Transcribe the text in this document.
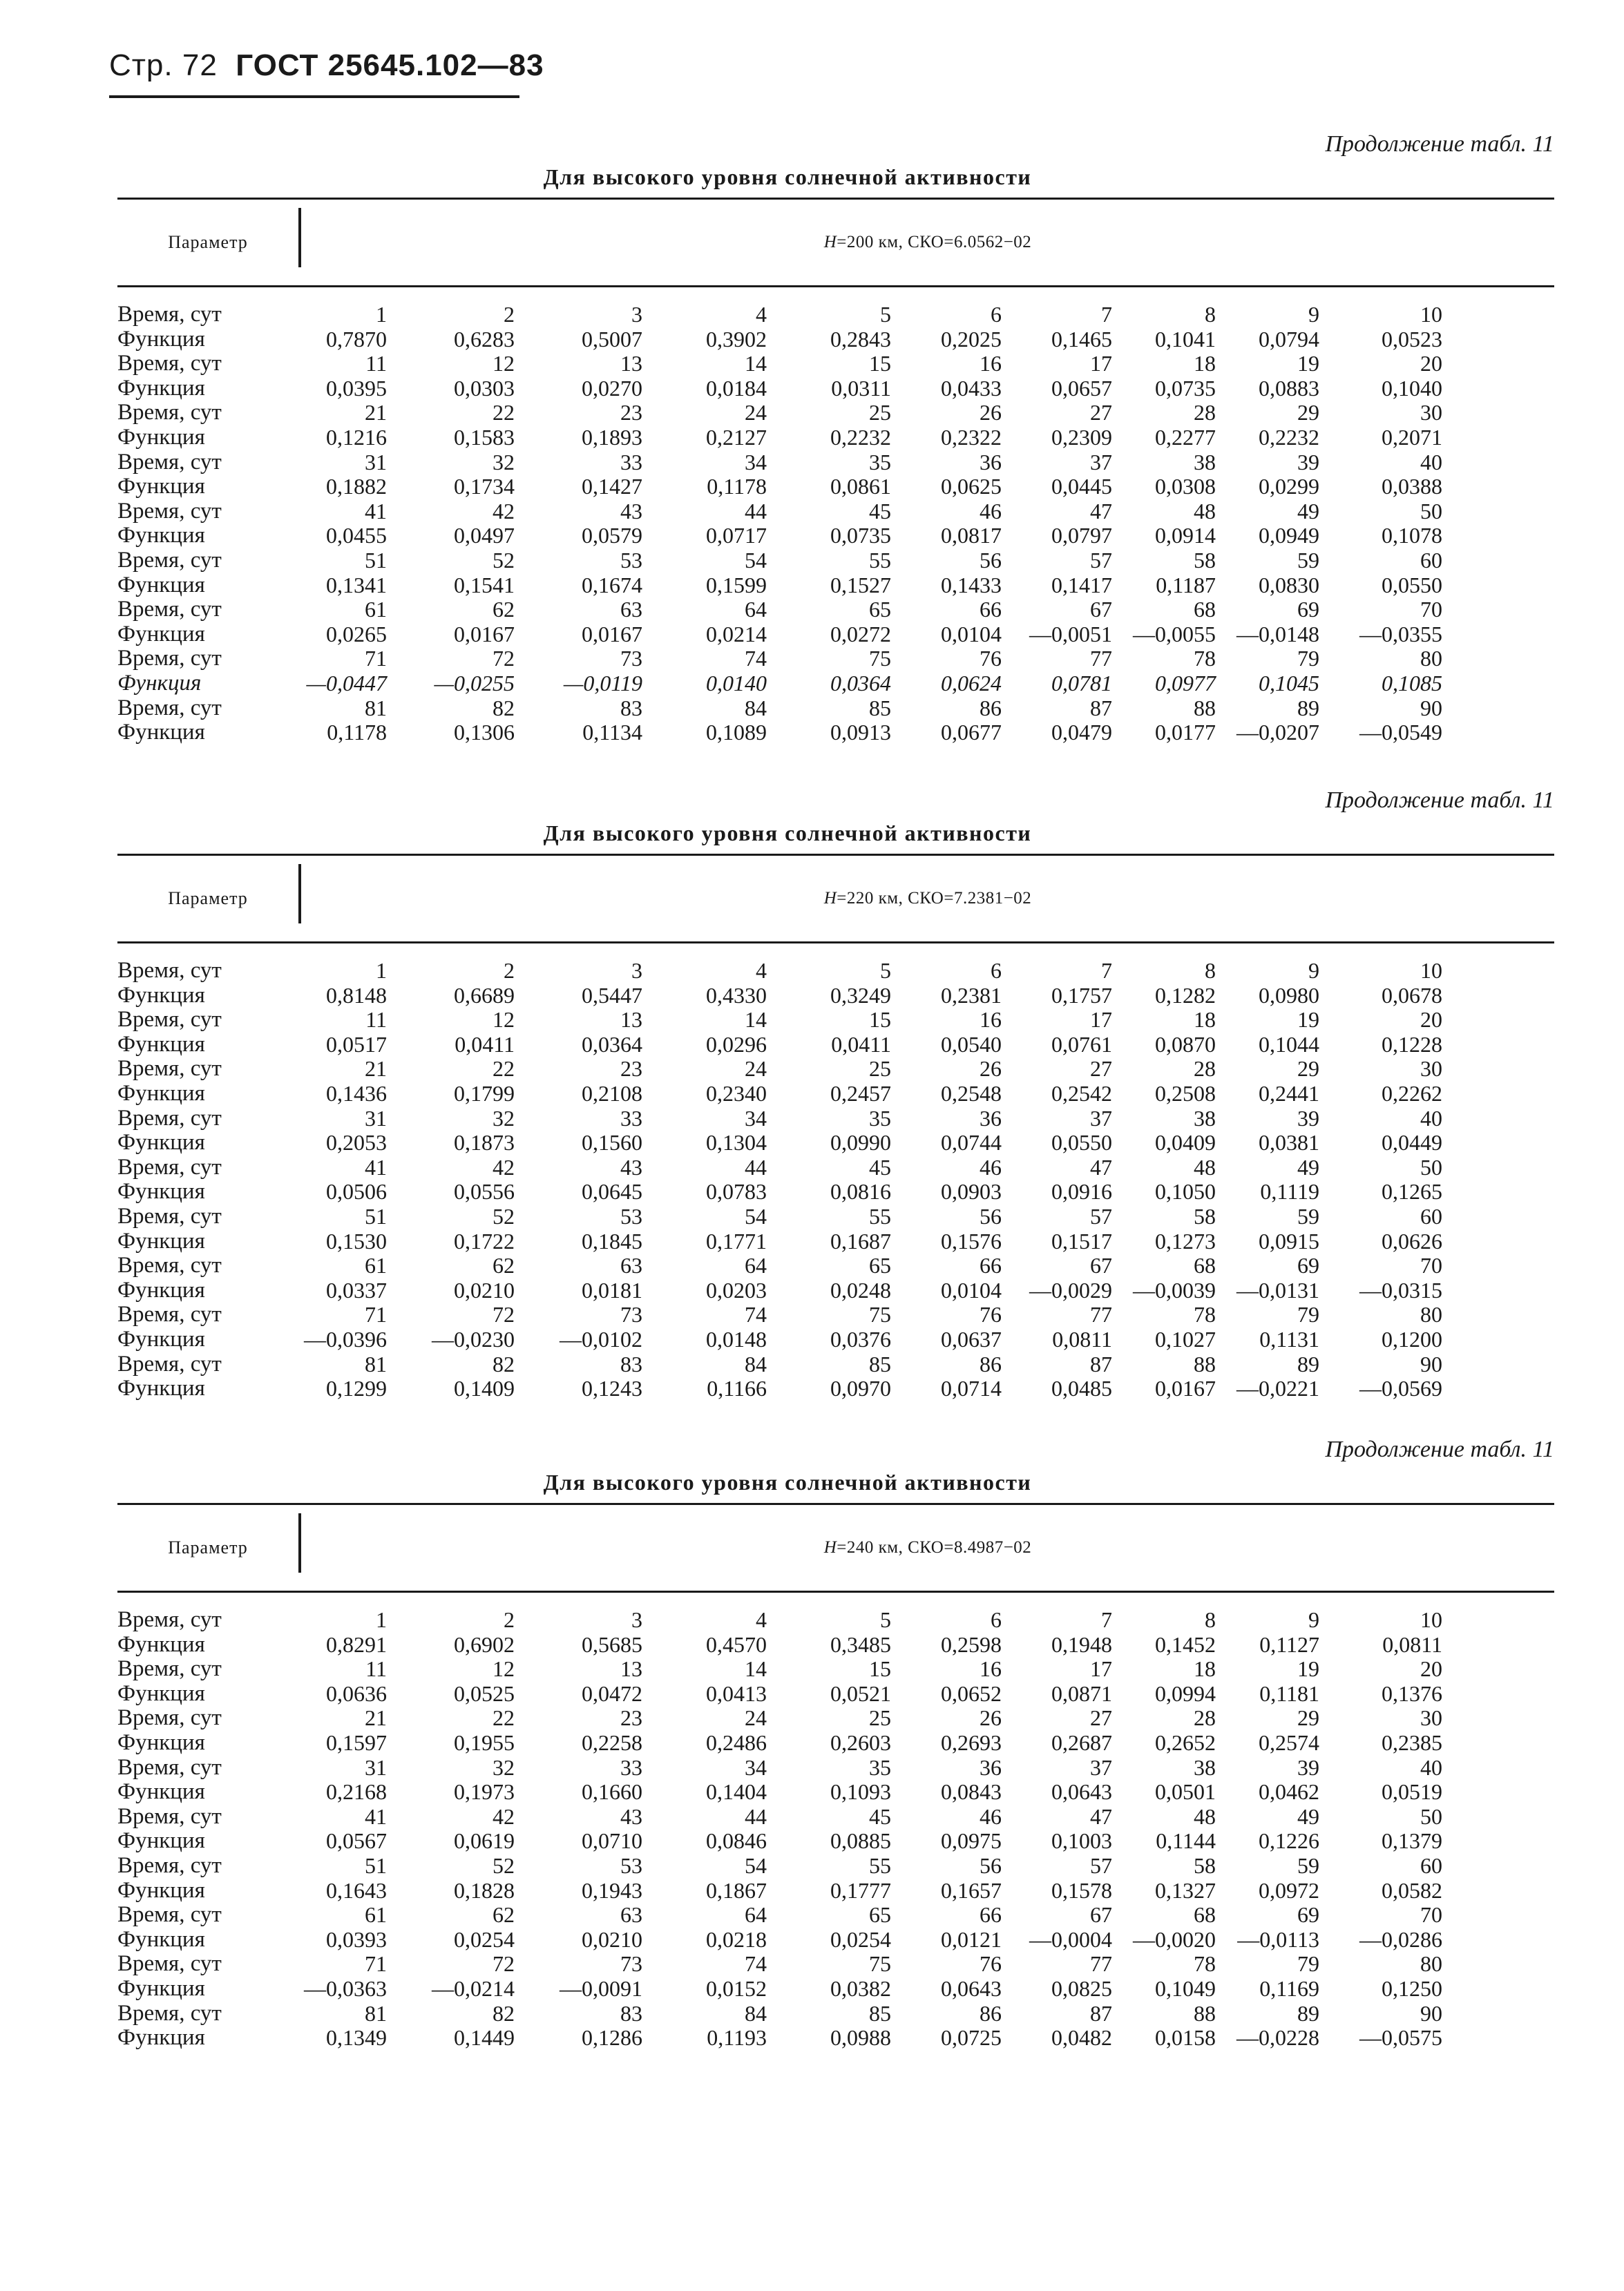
Стр. 72 ГОСТ 25645.102—83
Продолжение табл. 11
Для высокого уровня солнечной активности
Параметр	H =200 км, СКО=6.0562−02
Время, сут	1	2	3	4	5	6	7	8	9	10
Функция	0,7870	0,6283	0,5007	0,3902	0,2843	0,2025	0,1465	0,1041	0,0794	0,0523
Время, сут	11	12	13	14	15	16	17	18	19	20
Функция	0,0395	0,0303	0,0270	0,0184	0,0311	0,0433	0,0657	0,0735	0,0883	0,1040
Время, сут	21	22	23	24	25	26	27	28	29	30
Функция	0,1216	0,1583	0,1893	0,2127	0,2232	0,2322	0,2309	0,2277	0,2232	0,2071
Время, сут	31	32	33	34	35	36	37	38	39	40
Функция	0,1882	0,1734	0,1427	0,1178	0,0861	0,0625	0,0445	0,0308	0,0299	0,0388
Время, сут	41	42	43	44	45	46	47	48	49	50
Функция	0,0455	0,0497	0,0579	0,0717	0,0735	0,0817	0,0797	0,0914	0,0949	0,1078
Время, сут	51	52	53	54	55	56	57	58	59	60
Функция	0,1341	0,1541	0,1674	0,1599	0,1527	0,1433	0,1417	0,1187	0,0830	0,0550
Время, сут	61	62	63	64	65	66	67	68	69	70
Функция	0,0265	0,0167	0,0167	0,0214	0,0272	0,0104	—0,0051	—0,0055	—0,0148	—0,0355
Время, сут	71	72	73	74	75	76	77	78	79	80
Функция	—0,0447	—0,0255	—0,0119	0,0140	0,0364	0,0624	0,0781	0,0977	0,1045	0,1085
Время, сут	81	82	83	84	85	86	87	88	89	90
Функция	0,1178	0,1306	0,1134	0,1089	0,0913	0,0677	0,0479	0,0177	—0,0207	—0,0549
Продолжение табл. 11
Для высокого уровня солнечной активности
Параметр	H =220 км, СКО=7.2381−02
Время, сут	1	2	3	4	5	6	7	8	9	10
Функция	0,8148	0,6689	0,5447	0,4330	0,3249	0,2381	0,1757	0,1282	0,0980	0,0678
Время, сут	11	12	13	14	15	16	17	18	19	20
Функция	0,0517	0,0411	0,0364	0,0296	0,0411	0,0540	0,0761	0,0870	0,1044	0,1228
Время, сут	21	22	23	24	25	26	27	28	29	30
Функция	0,1436	0,1799	0,2108	0,2340	0,2457	0,2548	0,2542	0,2508	0,2441	0,2262
Время, сут	31	32	33	34	35	36	37	38	39	40
Функция	0,2053	0,1873	0,1560	0,1304	0,0990	0,0744	0,0550	0,0409	0,0381	0,0449
Время, сут	41	42	43	44	45	46	47	48	49	50
Функция	0,0506	0,0556	0,0645	0,0783	0,0816	0,0903	0,0916	0,1050	0,1119	0,1265
Время, сут	51	52	53	54	55	56	57	58	59	60
Функция	0,1530	0,1722	0,1845	0,1771	0,1687	0,1576	0,1517	0,1273	0,0915	0,0626
Время, сут	61	62	63	64	65	66	67	68	69	70
Функция	0,0337	0,0210	0,0181	0,0203	0,0248	0,0104	—0,0029	—0,0039	—0,0131	—0,0315
Время, сут	71	72	73	74	75	76	77	78	79	80
Функция	—0,0396	—0,0230	—0,0102	0,0148	0,0376	0,0637	0,0811	0,1027	0,1131	0,1200
Время, сут	81	82	83	84	85	86	87	88	89	90
Функция	0,1299	0,1409	0,1243	0,1166	0,0970	0,0714	0,0485	0,0167	—0,0221	—0,0569
Продолжение табл. 11
Для высокого уровня солнечной активности
Параметр	H =240 км, СКО=8.4987−02
Время, сут	1	2	3	4	5	6	7	8	9	10
Функция	0,8291	0,6902	0,5685	0,4570	0,3485	0,2598	0,1948	0,1452	0,1127	0,0811
Время, сут	11	12	13	14	15	16	17	18	19	20
Функция	0,0636	0,0525	0,0472	0,0413	0,0521	0,0652	0,0871	0,0994	0,1181	0,1376
Время, сут	21	22	23	24	25	26	27	28	29	30
Функция	0,1597	0,1955	0,2258	0,2486	0,2603	0,2693	0,2687	0,2652	0,2574	0,2385
Время, сут	31	32	33	34	35	36	37	38	39	40
Функция	0,2168	0,1973	0,1660	0,1404	0,1093	0,0843	0,0643	0,0501	0,0462	0,0519
Время, сут	41	42	43	44	45	46	47	48	49	50
Функция	0,0567	0,0619	0,0710	0,0846	0,0885	0,0975	0,1003	0,1144	0,1226	0,1379
Время, сут	51	52	53	54	55	56	57	58	59	60
Функция	0,1643	0,1828	0,1943	0,1867	0,1777	0,1657	0,1578	0,1327	0,0972	0,0582
Время, сут	61	62	63	64	65	66	67	68	69	70
Функция	0,0393	0,0254	0,0210	0,0218	0,0254	0,0121	—0,0004	—0,0020	—0,0113	—0,0286
Время, сут	71	72	73	74	75	76	77	78	79	80
Функция	—0,0363	—0,0214	—0,0091	0,0152	0,0382	0,0643	0,0825	0,1049	0,1169	0,1250
Время, сут	81	82	83	84	85	86	87	88	89	90
Функция	0,1349	0,1449	0,1286	0,1193	0,0988	0,0725	0,0482	0,0158	—0,0228	—0,0575
